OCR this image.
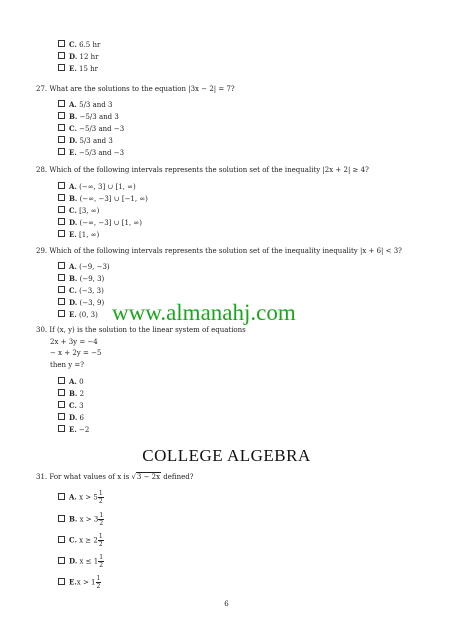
C. 6.5 hr
D. 12 hr
E. 15 hr
27. What are the solutions to the equation |3x − 2| = 7?
A. 5/3 and 3
B. −5/3 and 3
C. −5/3 and −3
D. 5/3 and 3
E. −5/3 and −3
28. Which of the following intervals represents the solution set of the inequality |2x + 2| ≥ 4?
A. (−∞, 3] ∪ [1, ∞)
B. (−∞, −3] ∪ [−1, ∞)
C. [3, ∞)
D. (−∞, −3] ∪ [1, ∞)
E. [1, ∞)
29. Which of the following intervals represents the solution set of the inequality inequality |x + 6| < 3?
A. (−9, −3)
B. (−9, 3)
C. (−3, 3)
D. (−3, 9)
E. (0, 3) www.almanahj.com
30. If (x, y) is the solution to the linear system of equations
2x + 3y = −4
− x + 2y = −5
then y =?
A. 0
B. 2
C. 3
D. 6
E. −2
COLLEGE ALGEBRA
31. For what values of x is √3 − 2x defined?
A. $x > 5 \frac{1}{2}$
B. $x > 3 \frac{1}{2}$
C. $x \ge 2 \frac{1}{2}$
D. $x \le 1 \frac{1}{2}$
$E.x > 1 \frac{1}{2}$
6
